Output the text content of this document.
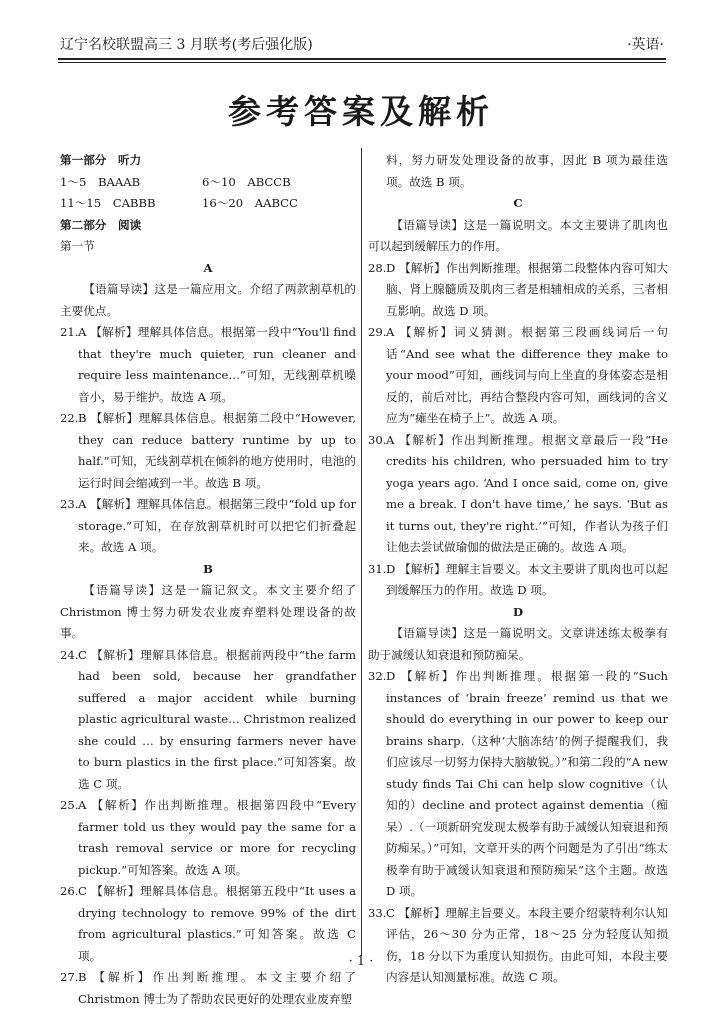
辽宁名校联盟高三 3 月联考(考后强化版)	·英语·
参考答案及解析

第一部分　听力

1～5　BAAAB	6～10　ABCCB
11～15　CABBB	16～20　AABCC

第二部分　阅读

第一节

A

【语篇导读】这是一篇应用文。介绍了两款割草机的主要优点。

21. A 【解析】理解具体信息。根据第一段中“You'll find that they're much quieter, run cleaner and require less maintenance…”可知，无线割草机噪音小，易于维护。故选 A 项。
22. B 【解析】理解具体信息。根据第二段中“However, they can reduce battery runtime by up to half.”可知，无线割草机在倾斜的地方使用时，电池的运行时间会缩减到一半。故选 B 项。
23. A 【解析】理解具体信息。根据第三段中“fold up for storage.”可知，在存放割草机时可以把它们折叠起来。故选 A 项。

B

【语篇导读】这是一篇记叙文。本文主要介绍了Christmon 博士努力研发农业废弃塑料处理设备的故事。

24. C 【解析】理解具体信息。根据前两段中“the farm had been sold, because her grandfather suffered a major accident while burning plastic agricultural waste… Christmon realized she could … by ensuring farmers never have to burn plastics in the first place.”可知答案。故选 C 项。
25. A 【解析】作出判断推理。根据第四段中“Every farmer told us they would pay the same for a trash removal service or more for recycling pickup.”可知答案。故选 A 项。
26. C 【解析】理解具体信息。根据第五段中“It uses a drying technology to remove 99% of the dirt from agricultural plastics.”可知答案。故选 C 项。
27. B 【解析】作出判断推理。本文主要介绍了Christmon 博士为了帮助农民更好的处理农业废弃塑
料，努力研发处理设备的故事，因此 B 项为最佳选项。故选 B 项。

C

【语篇导读】这是一篇说明文。本文主要讲了肌肉也可以起到缓解压力的作用。

28. D 【解析】作出判断推理。根据第二段整体内容可知大脑、肾上腺髓质及肌肉三者是相辅相成的关系，三者相互影响。故选 D 项。
29. A 【解析】词义猜测。根据第三段画线词后一句话“And see what the difference they make to your mood”可知，画线词与向上坐直的身体姿态是相反的，前后对比，再结合整段内容可知，画线词的含义应为“瘫坐在椅子上”。故选 A 项。
30. A 【解析】作出判断推理。根据文章最后一段“He credits his children, who persuaded him to try yoga years ago. ‘And I once said, come on, give me a break. I don't have time,’ he says. ‘But as it turns out, they're right.’”可知，作者认为孩子们让他去尝试做瑜伽的做法是正确的。故选 A 项。
31. D 【解析】理解主旨要义。本文主要讲了肌肉也可以起到缓解压力的作用。故选 D 项。

D

【语篇导读】这是一篇说明文。文章讲述练太极拳有助于减缓认知衰退和预防痴呆。

32. D 【解析】作出判断推理。根据第一段的“Such instances of ‘brain freeze’ remind us that we should do everything in our power to keep our brains sharp.（这种‘大脑冻结’的例子提醒我们，我们应该尽一切努力保持大脑敏锐。）”和第二段的“A new study finds Tai Chi can help slow cognitive（认知的）decline and protect against dementia（痴呆）.（一项新研究发现太极拳有助于减缓认知衰退和预防痴呆。）”可知，文章开头的两个问题是为了引出“练太极拳有助于减缓认知衰退和预防痴呆”这个主题。故选 D 项。
33. C 【解析】理解主旨要义。本段主要介绍蒙特利尔认知评估，26～30 分为正常，18～25 分为轻度认知损伤，18 分以下为重度认知损伤。由此可知，本段主要内容是认知测量标准。故选 C 项。
· 1 ·
